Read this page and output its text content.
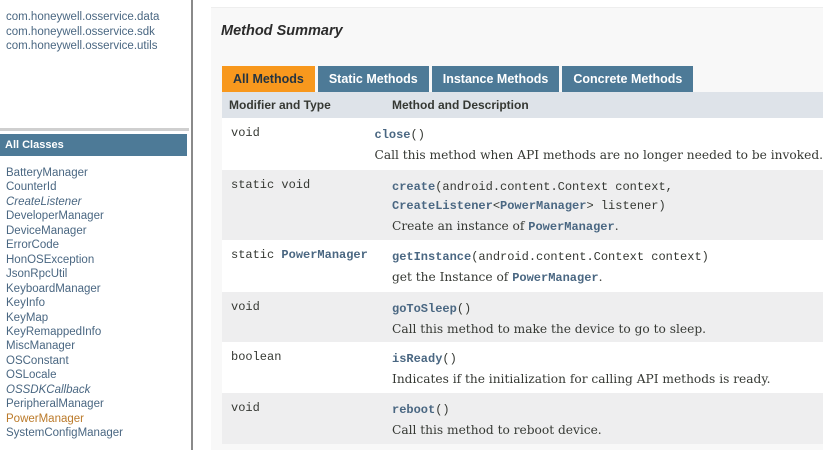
com.honeywell.osservice.data
com.honeywell.osservice.sdk
com.honeywell.osservice.utils
All Classes
BatteryManager
CounterId
CreateListener
DeveloperManager
DeviceManager
ErrorCode
HonOSException
JsonRpcUtil
KeyboardManager
KeyInfo
KeyMap
KeyRemappedInfo
MiscManager
OSConstant
OSLocale
OSSDKCallback
PeripheralManager
PowerManager
SystemConfigManager
Method Summary
All Methods	Static Methods	Instance Methods	Concrete Methods
Modifier and Type	Method and Description
void	close()
Call this method when API methods are no longer needed to be invoked.
static void	create(android.content.Context context,
CreateListener<PowerManager> listener)
Create an instance of PowerManager.
static PowerManager	getInstance(android.content.Context context)
get the Instance of PowerManager.
void	goToSleep()
Call this method to make the device to go to sleep.
boolean	isReady()
Indicates if the initialization for calling API methods is ready.
void	reboot()
Call this method to reboot device.
